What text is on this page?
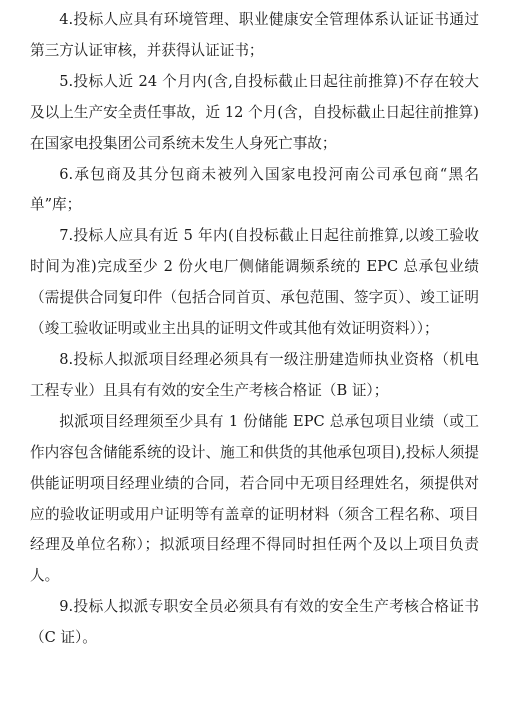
4.投标人应具有环境管理、职业健康安全管理体系认证证书通过第三方认证审核，并获得认证证书；

5.投标人近 24 个月内(含,自投标截止日起往前推算)不存在较大及以上生产安全责任事故，近 12 个月(含，自投标截止日起往前推算)在国家电投集团公司系统未发生人身死亡事故；

6.承包商及其分包商未被列入国家电投河南公司承包商“黑名单”库；

7.投标人应具有近 5 年内(自投标截止日起往前推算,以竣工验收时间为准)完成至少 2 份火电厂侧储能调频系统的 EPC 总承包业绩（需提供合同复印件（包括合同首页、承包范围、签字页）、竣工证明（竣工验收证明或业主出具的证明文件或其他有效证明资料））；

8.投标人拟派项目经理必须具有一级注册建造师执业资格（机电工程专业）且具有有效的安全生产考核合格证（B 证）；

拟派项目经理须至少具有 1 份储能 EPC 总承包项目业绩（或工作内容包含储能系统的设计、施工和供货的其他承包项目),投标人须提供能证明项目经理业绩的合同，若合同中无项目经理姓名，须提供对应的验收证明或用户证明等有盖章的证明材料（须含工程名称、项目经理及单位名称）；拟派项目经理不得同时担任两个及以上项目负责人。

9.投标人拟派专职安全员必须具有有效的安全生产考核合格证书（C 证）。
